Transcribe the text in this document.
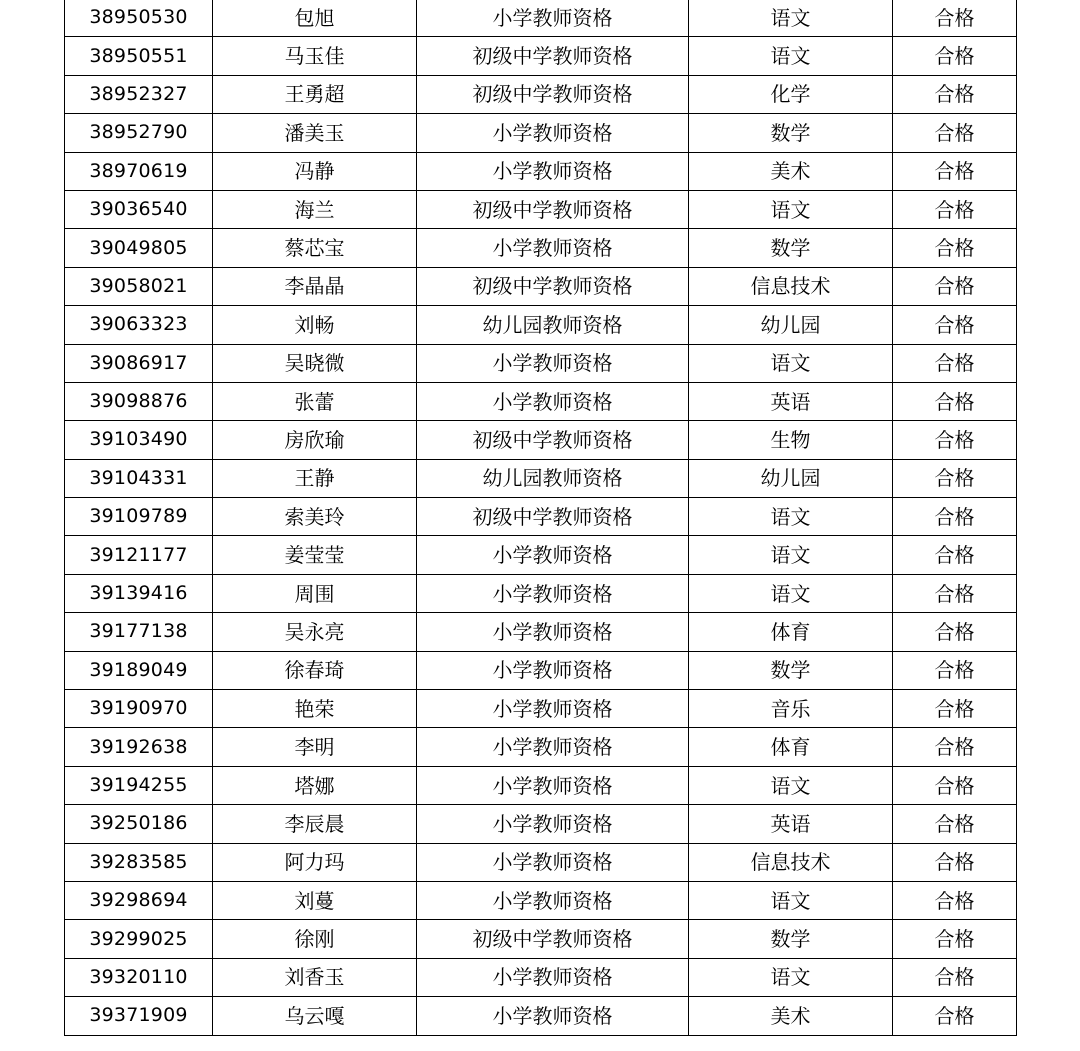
38950530	包旭	小学教师资格	语文	合格
38950551	马玉佳	初级中学教师资格	语文	合格
38952327	王勇超	初级中学教师资格	化学	合格
38952790	潘美玉	小学教师资格	数学	合格
38970619	冯静	小学教师资格	美术	合格
39036540	海兰	初级中学教师资格	语文	合格
39049805	蔡芯宝	小学教师资格	数学	合格
39058021	李晶晶	初级中学教师资格	信息技术	合格
39063323	刘畅	幼儿园教师资格	幼儿园	合格
39086917	吴晓微	小学教师资格	语文	合格
39098876	张蕾	小学教师资格	英语	合格
39103490	房欣瑜	初级中学教师资格	生物	合格
39104331	王静	幼儿园教师资格	幼儿园	合格
39109789	索美玲	初级中学教师资格	语文	合格
39121177	姜莹莹	小学教师资格	语文	合格
39139416	周围	小学教师资格	语文	合格
39177138	吴永亮	小学教师资格	体育	合格
39189049	徐春琦	小学教师资格	数学	合格
39190970	艳荣	小学教师资格	音乐	合格
39192638	李明	小学教师资格	体育	合格
39194255	塔娜	小学教师资格	语文	合格
39250186	李辰晨	小学教师资格	英语	合格
39283585	阿力玛	小学教师资格	信息技术	合格
39298694	刘蔓	小学教师资格	语文	合格
39299025	徐刚	初级中学教师资格	数学	合格
39320110	刘香玉	小学教师资格	语文	合格
39371909	乌云嘎	小学教师资格	美术	合格
